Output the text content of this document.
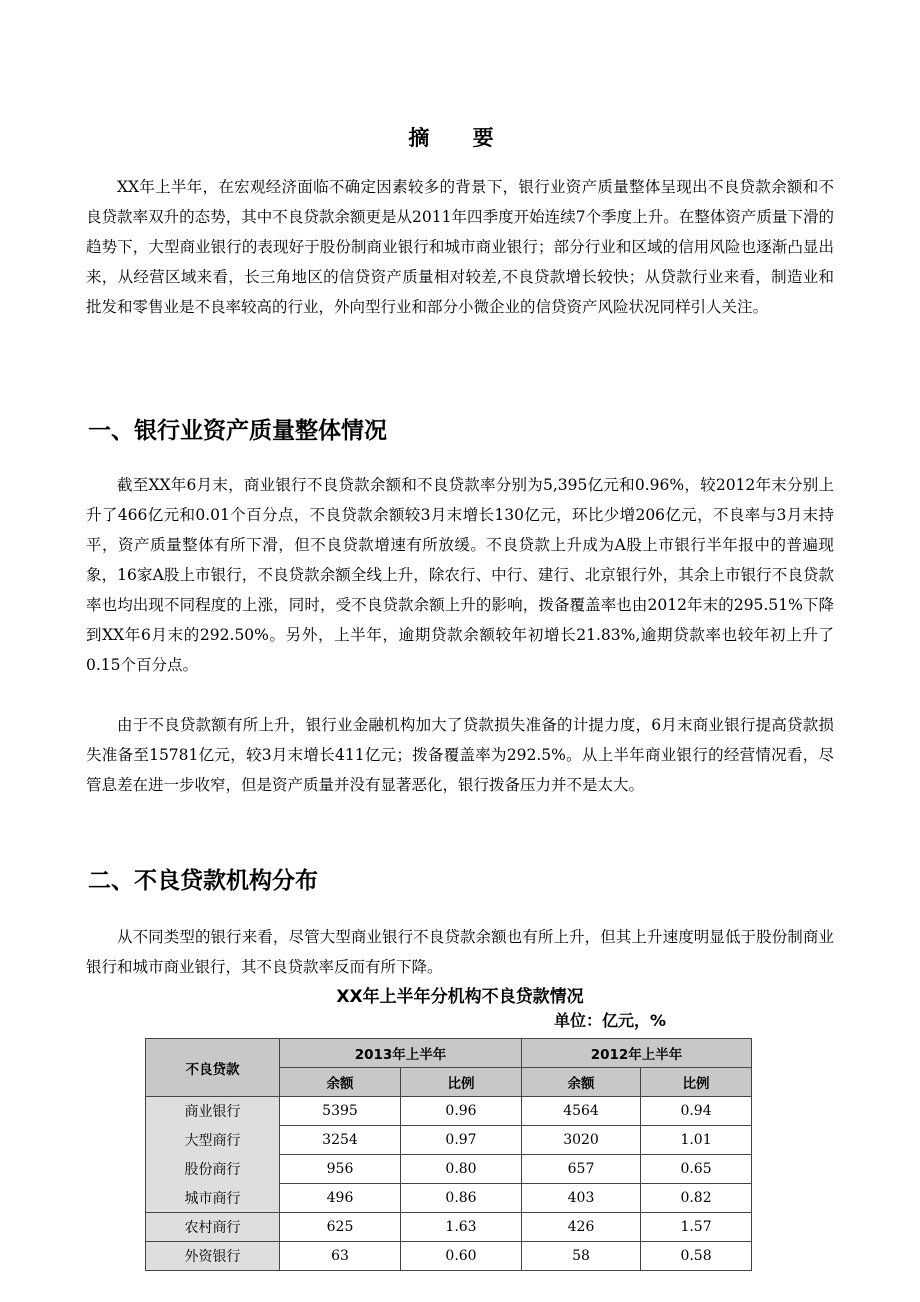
摘 要

XX年上半年，在宏观经济面临不确定因素较多的背景下，银行业资产质量整体呈现出不良贷款余额和不良贷款率双升的态势，其中不良贷款余额更是从2011年四季度开始连续7个季度上升。在整体资产质量下滑的趋势下，大型商业银行的表现好于股份制商业银行和城市商业银行；部分行业和区域的信用风险也逐渐凸显出来，从经营区域来看，长三角地区的信贷资产质量相对较差,不良贷款增长较快；从贷款行业来看，制造业和批发和零售业是不良率较高的行业，外向型行业和部分小微企业的信贷资产风险状况同样引人关注。

一、银行业资产质量整体情况

截至XX年6月末，商业银行不良贷款余额和不良贷款率分别为5,395亿元和0.96%，较2012年末分别上升了466亿元和0.01个百分点，不良贷款余额较3月末增长130亿元，环比少增206亿元，不良率与3月末持平，资产质量整体有所下滑，但不良贷款增速有所放缓。不良贷款上升成为A股上市银行半年报中的普遍现象，16家A股上市银行，不良贷款余额全线上升，除农行、中行、建行、北京银行外，其余上市银行不良贷款率也均出现不同程度的上涨，同时，受不良贷款余额上升的影响，拨备覆盖率也由2012年末的295.51%下降到XX年6月末的292.50%。另外，上半年，逾期贷款余额较年初增长21.83%,逾期贷款率也较年初上升了0.15个百分点。

由于不良贷款额有所上升，银行业金融机构加大了贷款损失准备的计提力度，6月末商业银行提高贷款损失准备至15781亿元，较3月末增长411亿元；拨备覆盖率为292.5%。从上半年商业银行的经营情况看，尽管息差在进一步收窄，但是资产质量并没有显著恶化，银行拨备压力并不是太大。

二、不良贷款机构分布

从不同类型的银行来看，尽管大型商业银行不良贷款余额也有所上升，但其上升速度明显低于股份制商业银行和城市商业银行，其不良贷款率反而有所下降。

XX年上半年分机构不良贷款情况
单位：亿元，%
不良贷款	2013年上半年		2012年上半年	
	余额	比例	余额	比例
商业银行	5395	0.96	4564	0.94
大型商行	3254	0.97	3020	1.01
股份商行	956	0.80	657	0.65
城市商行	496	0.86	403	0.82
农村商行	625	1.63	426	1.57
外资银行	63	0.60	58	0.58
